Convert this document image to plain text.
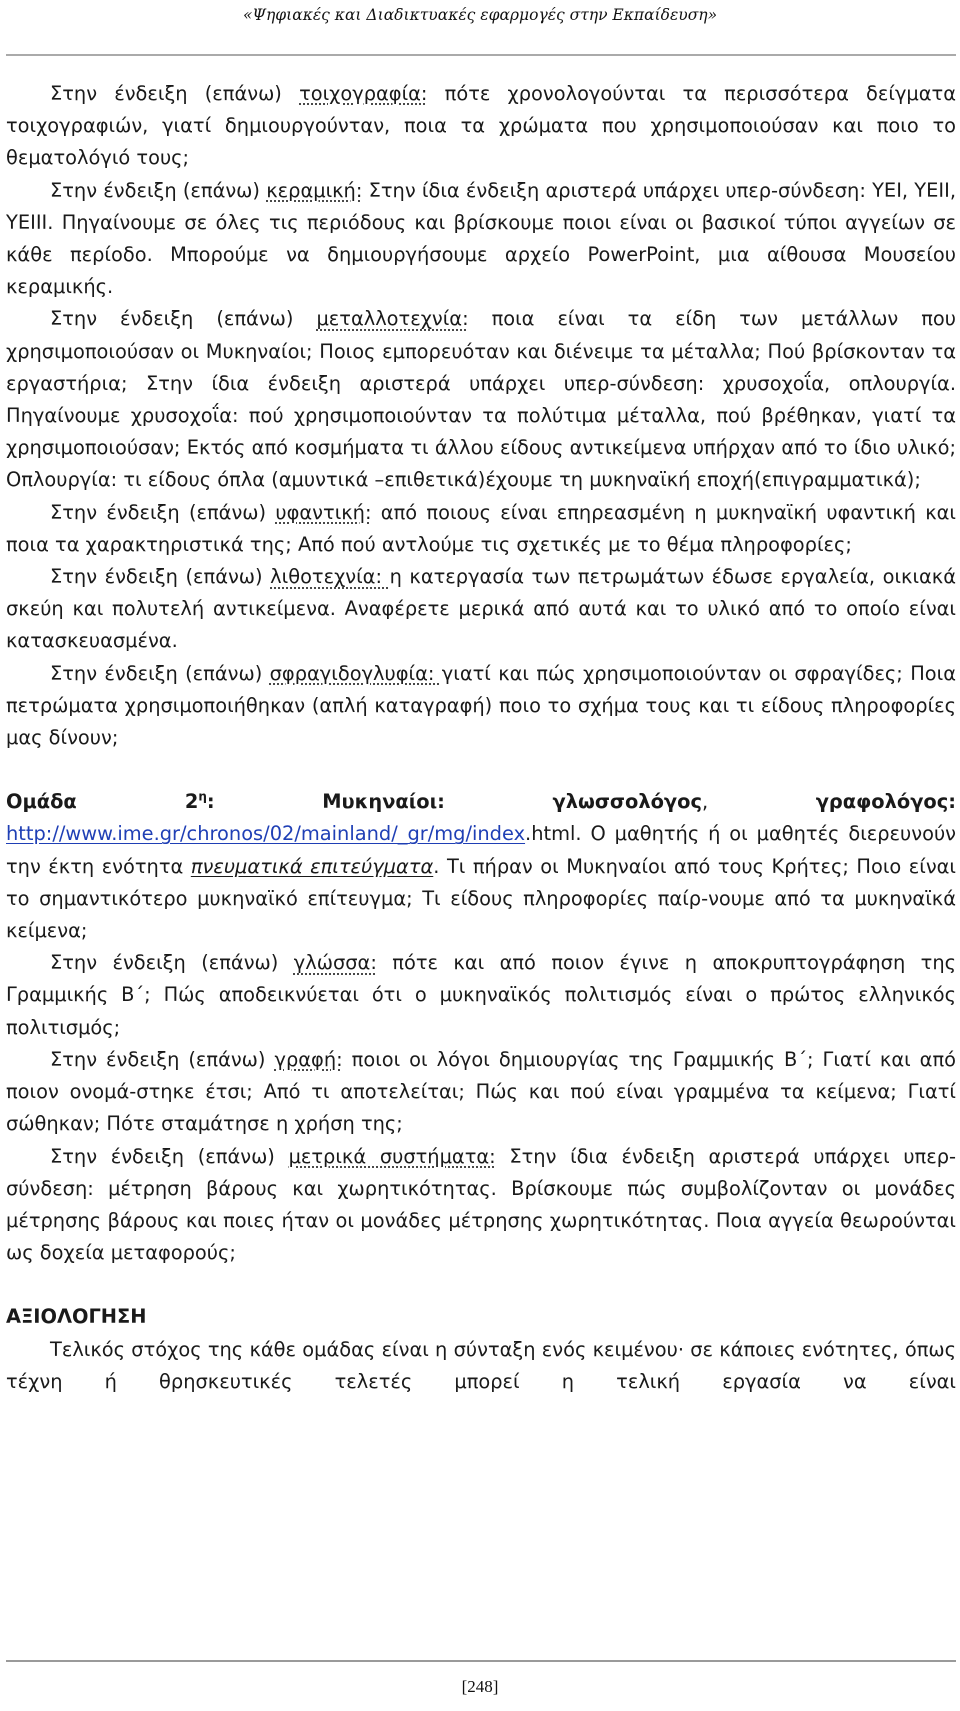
«Ψηφιακές και Διαδικτυακές εφαρμογές στην Εκπαίδευση»

Στην ένδειξη (επάνω) τοιχογραφία: πότε χρονολογούνται τα περισσότερα δείγματα τοιχογραφιών, γιατί δημιουργούνταν, ποια τα χρώματα που χρησιμοποιούσαν και ποιο το θεματολόγιό τους;

Στην ένδειξη (επάνω) κεραμική: Στην ίδια ένδειξη αριστερά υπάρχει υπερ-σύνδεση: ΥΕΙ, ΥΕΙΙ, ΥΕΙΙΙ. Πηγαίνουμε σε όλες τις περιόδους και βρίσκουμε ποιοι είναι οι βασικοί τύποι αγγείων σε κάθε περίοδο. Μπορούμε να δημιουργήσουμε αρχείο PowerPoint, μια αίθουσα Μουσείου κεραμικής.

Στην ένδειξη (επάνω) μεταλλοτεχνία: ποια είναι τα είδη των μετάλλων που χρησιμοποιούσαν οι Μυκηναίοι; Ποιος εμπορευόταν και διένειμε τα μέταλλα; Πού βρίσκονταν τα εργαστήρια; Στην ίδια ένδειξη αριστερά υπάρχει υπερ-σύνδεση: χρυσοχοΐα, οπλουργία. Πηγαίνουμε χρυσοχοΐα: πού χρησιμοποιούνταν τα πολύτιμα μέταλλα, πού βρέθηκαν, γιατί τα χρησιμοποιούσαν; Εκτός από κοσμήματα τι άλλου είδους αντικείμενα υπήρχαν από το ίδιο υλικό; Οπλουργία: τι είδους όπλα (αμυντικά –επιθετικά)έχουμε τη μυκηναϊκή εποχή(επιγραμματικά);

Στην ένδειξη (επάνω) υφαντική: από ποιους είναι επηρεασμένη η μυκηναϊκή υφαντική και ποια τα χαρακτηριστικά της; Από πού αντλούμε τις σχετικές με το θέμα πληροφορίες;

Στην ένδειξη (επάνω) λιθοτεχνία: η κατεργασία των πετρωμάτων έδωσε εργαλεία, οικιακά σκεύη και πολυτελή αντικείμενα. Αναφέρετε μερικά από αυτά και το υλικό από το οποίο είναι κατασκευασμένα.

Στην ένδειξη (επάνω) σφραγιδογλυφία: γιατί και πώς χρησιμοποιούνταν οι σφραγίδες; Ποια πετρώματα χρησιμοποιήθηκαν (απλή καταγραφή) ποιο το σχήμα τους και τι είδους πληροφορίες μας δίνουν;

Ομάδα $2^\eta$:	Μυκηναίοι:	γλωσσολόγος,	γραφολόγος: http://www.ime.gr/chronos/02/mainland/_gr/mg/index.html. Ο μαθητής ή οι μαθητές διερευνούν την έκτη ενότητα πνευματικά επιτεύγματα. Τι πήραν οι Μυκηναίοι από τους Κρήτες; Ποιο είναι το σημαντικότερο μυκηναϊκό επίτευγμα; Τι είδους πληροφορίες παίρ-νουμε από τα μυκηναϊκά κείμενα;

Στην ένδειξη (επάνω) γλώσσα: πότε και από ποιον έγινε η αποκρυπτογράφηση της Γραμμικής Β΄; Πώς αποδεικνύεται ότι ο μυκηναϊκός πολιτισμός είναι ο πρώτος ελληνικός πολιτισμός;

Στην ένδειξη (επάνω) γραφή: ποιοι οι λόγοι δημιουργίας της Γραμμικής Β΄; Γιατί και από ποιον ονομά-στηκε έτσι; Από τι αποτελείται; Πώς και πού είναι γραμμένα τα κείμενα; Γιατί σώθηκαν; Πότε σταμάτησε η χρήση της;

Στην ένδειξη (επάνω) μετρικά συστήματα: Στην ίδια ένδειξη αριστερά υπάρχει υπερ-σύνδεση: μέτρηση βάρους και χωρητικότητας. Βρίσκουμε πώς συμβολίζονταν οι μονάδες μέτρησης βάρους και ποιες ήταν οι μονάδες μέτρησης χωρητικότητας. Ποια αγγεία θεωρούνται ως δοχεία μεταφορούς;

ΑΞΙΟΛΟΓΗΣΗ

Τελικός στόχος της κάθε ομάδας είναι η σύνταξη ενός κειμένου· σε κάποιες ενότητες, όπως τέχνη ή θρησκευτικές τελετές μπορεί η τελική εργασία να είναι

[248]
